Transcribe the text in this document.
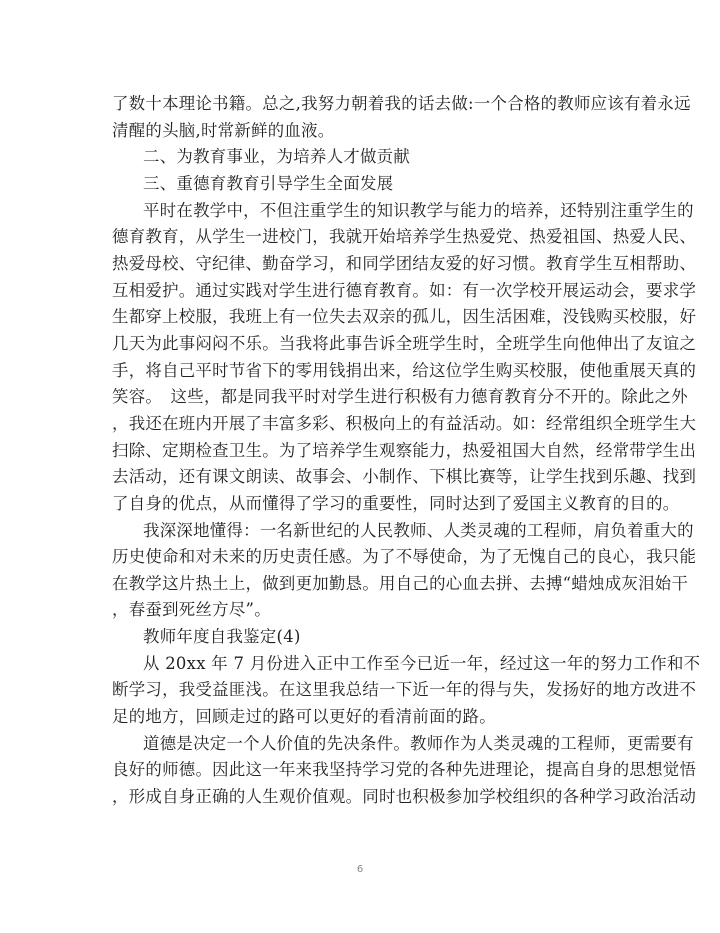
了数十本理论书籍。总之,我努力朝着我的话去做:一个合格的教师应该有着永远
清醒的头脑,时常新鲜的血液。
二、为教育事业，为培养人才做贡献
三、重德育教育引导学生全面发展
平时在教学中，不但注重学生的知识教学与能力的培养，还特别注重学生的
德育教育，从学生一进校门，我就开始培养学生热爱党、热爱祖国、热爱人民、
热爱母校、守纪律、勤奋学习，和同学团结友爱的好习惯。教育学生互相帮助、
互相爱护。通过实践对学生进行德育教育。如：有一次学校开展运动会，要求学
生都穿上校服，我班上有一位失去双亲的孤儿，因生活困难，没钱购买校服，好
几天为此事闷闷不乐。当我将此事告诉全班学生时，全班学生向他伸出了友谊之
手，将自己平时节省下的零用钱捐出来，给这位学生购买校服，使他重展天真的
笑容。　这些，都是同我平时对学生进行积极有力德育教育分不开的。除此之外
，我还在班内开展了丰富多彩、积极向上的有益活动。如：经常组织全班学生大
扫除、定期检查卫生。为了培养学生观察能力，热爱祖国大自然，经常带学生出
去活动，还有课文朗读、故事会、小制作、下棋比赛等，让学生找到乐趣、找到
了自身的优点，从而懂得了学习的重要性，同时达到了爱国主义教育的目的。
我深深地懂得：一名新世纪的人民教师、人类灵魂的工程师，肩负着重大的
历史使命和对未来的历史责任感。为了不辱使命，为了无愧自己的良心，我只能
在教学这片热土上，做到更加勤恳。用自己的心血去拼、去搏“蜡烛成灰泪始干
，春蚕到死丝方尽”。
教师年度自我鉴定(4)
从 20xx 年 7 月份进入正中工作至今已近一年，经过这一年的努力工作和不
断学习，我受益匪浅。在这里我总结一下近一年的得与失，发扬好的地方改进不
足的地方，回顾走过的路可以更好的看清前面的路。
道德是决定一个人价值的先决条件。教师作为人类灵魂的工程师，更需要有
良好的师德。因此这一年来我坚持学习党的各种先进理论，提高自身的思想觉悟
，形成自身正确的人生观价值观。同时也积极参加学校组织的各种学习政治活动
6
